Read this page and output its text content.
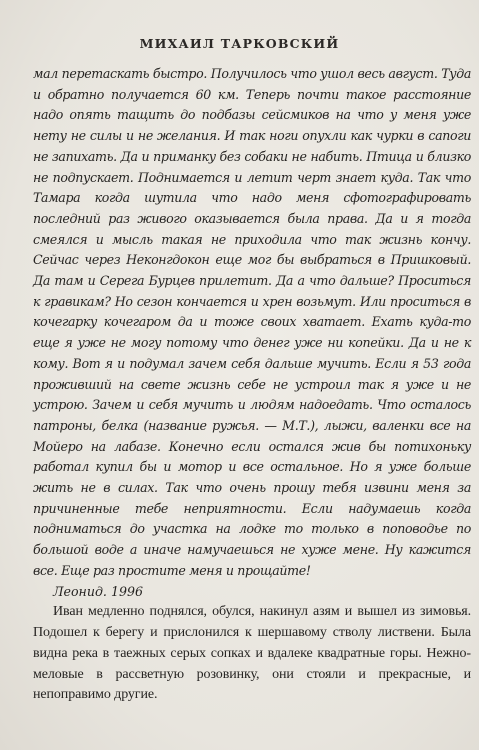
МИХАИЛ ТАРКОВСКИЙ

мал перетаскать быстро. Получилось что ушол весь август. Туда и обратно получается 60 км. Теперь почти такое расстояние надо опять тащить до подбазы сейсмиков на что у меня уже нету не силы и не желания. И так ноги опухли как чурки в сапоги не запихать. Да и приманку без собаки не набить. Птица и близко не подпускает. Поднимается и летит черт знает куда. Так что Тамара когда шутила что надо меня сфотографировать последний раз живого оказывается была права. Да и я тогда смеялся и мысль такая не приходила что так жизнь кончу. Сейчас через Неконгдокон еще мог бы выбраться в Пришковый. Да там и Серега Бурцев прилетит. Да а что дальше? Проситься к гравикам? Но сезон кончается и хрен возьмут. Или проситься в кочегарку кочегаром да и тоже своих хватает. Ехать куда-то еще я уже не могу потому что денег уже ни копейки. Да и не к кому. Вот я и подумал зачем себя дальше мучить. Если я 53 года проживший на свете жизнь себе не устроил так я уже и не устрою. Зачем и себя мучить и людям надоедать. Что осталось патроны, белка (название ружья. — М.Т.), лыжи, валенки все на Мойеро на лабазе. Конечно если остался жив бы потихоньку работал купил бы и мотор и все остальное. Но я уже больше жить не в силах. Так что очень прошу тебя извини меня за причиненные тебе неприятности. Если надумаешь когда подниматься до участка на лодке то только в поповодье по большой воде а иначе намучаешься не хуже мене. Ну кажится все. Еще раз простите меня и прощайте!

Леонид. 1996

Иван медленно поднялся, обулся, накинул азям и вышел из зимовья. Подошел к берегу и прислонился к шершавому стволу листвени. Была видна река в таежных серых сопках и вдалеке квадратные горы. Нежно-меловые в рассветную розовинку, они стояли и прекрасные, и непоправимо другие.
